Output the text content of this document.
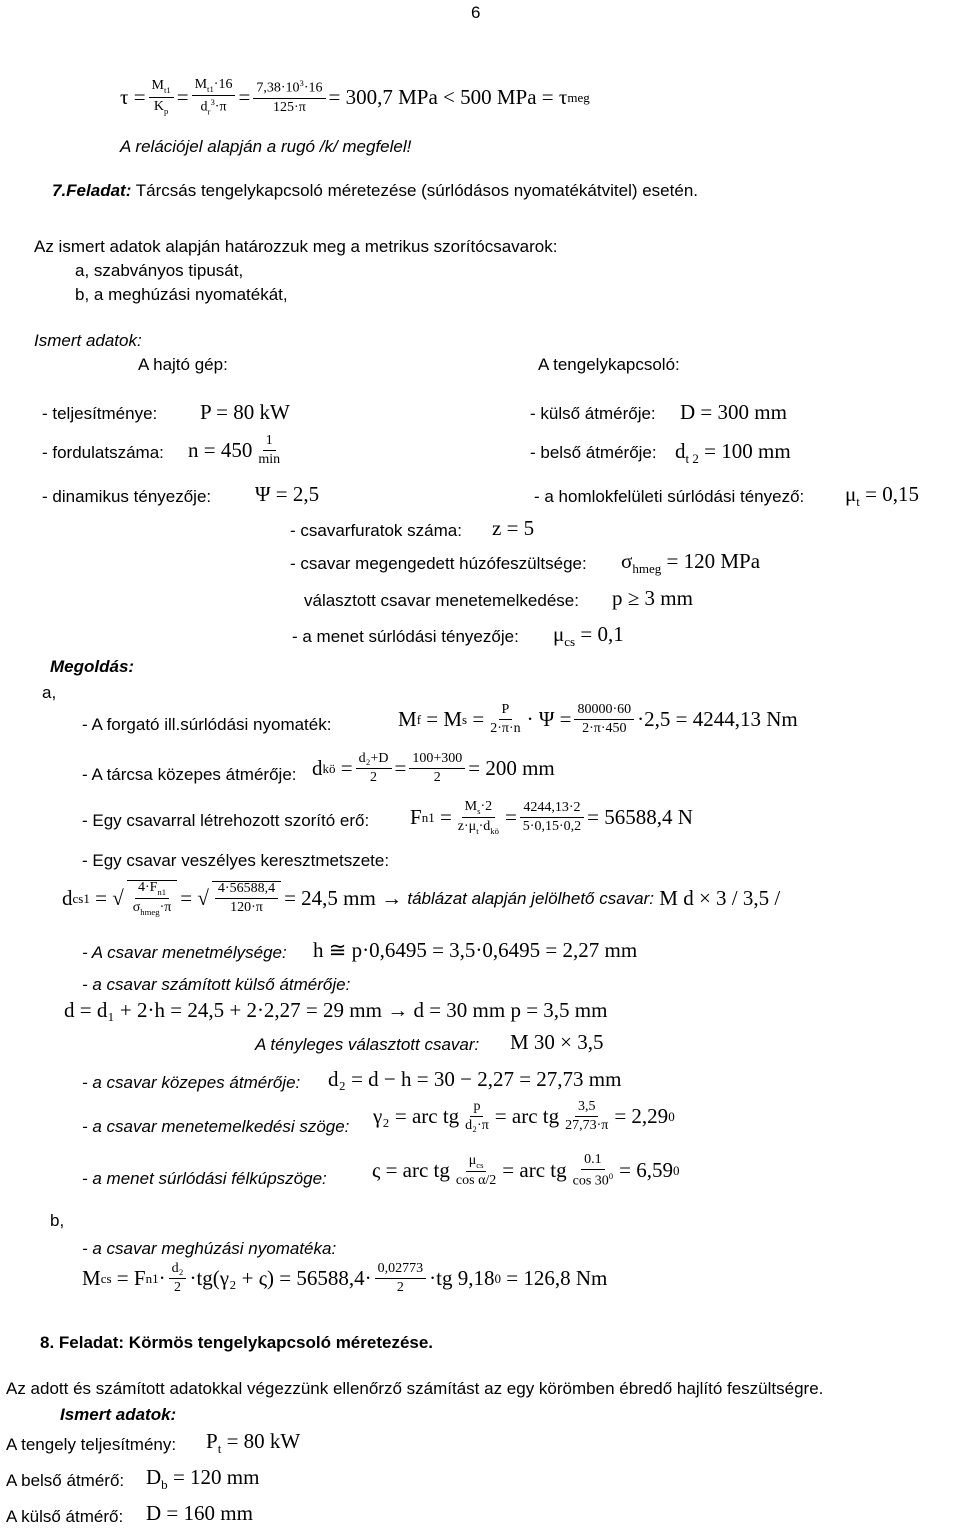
6
$\tau = \frac{M_{t1}}{K_p} = \frac{M_{t1}\cdot 16}{d_r^3\cdot\pi} = \frac{7,38\cdot 10^3\cdot 16}{125\cdot\pi} = 300,7$ MPa < 500 MPa = τ meg
A relációjel alapján a rugó /k/ megfelel!
7.Feladat: Tárcsás tengelykapcsoló méretezése (súrlódásos nyomatékátvitel) esetén.
Az ismert adatok alapján határozzuk meg a metrikus szorítócsavarok:
a, szabványos tipusát,
b, a meghúzási nyomatékát,
Ismert adatok:
A hajtó gép:	A tengelykapcsoló:
- teljesítménye: P = 80 kW
- fordulatszáma: n = 450 1
min
- dinamikus tényezője: Ψ = 2,5
- külső átmérője: D = 300 mm
- belső átmérője: $d_{t 2} = 100$ mm
- a homlokfelületi súrlódási tényező: $\mu_t = 0,15$
- csavarfuratok száma: z = 5
- csavar megengedett húzófeszültsége: $\sigma_{hmeg} = 120$ MPa
választott csavar menetemelkedése: p ≥ 3 mm
- a menet súrlódási tényezője: $\mu_{cs} = 0,1$
Megoldás:
a,
- A forgató ill.súrlódási nyomaték:	M f
= M s
= $\frac{P}{2\cdot\pi\cdot n} \cdot \Psi = \frac{80000\cdot 60}{2\cdot\pi\cdot 450} \cdot 2,5 = 4244,13$ Nm
- A tárcsa közepes átmérője: d kö
= $\frac{\text{d₂+D}}{2} = \frac{100+300}{2} = 200$ mm
- Egy csavarral létrehozott szorító erő: F n1
= $M_s\cdot 2$
$z\cdot\mu_t\cdot d_{kö}$
= $\frac{4244,13\cdot 2}{5\cdot 0,15\cdot 0,2} = 56588,4$ N
- Egy csavar veszélyes keresztmetszete:
d cs1
= √ $4\cdot F_{n1}$
$\sigma_{hmeg}\cdot\pi$ = √ $\frac{4\cdot 56588,4}{120\cdot\pi} = 24,5$ mm →
táblázat alapján jelölhető csavar:
M d × 3 / 3,5 /
- A csavar menetmélysége: h ≅ p·0,6495 = 3,5·0,6495 = 2,27 mm
- a csavar számított külső átmérője:
d = d₁ + 2·h = 24,5 + 2·2,27 = 29 mm → d = 30 mm p = 3,5 mm
A tényleges választott csavar: M 30 × 3,5
- a csavar közepes átmérője: d₂ = d − h = 30 − 2,27 = 27,73 mm
- a csavar menetemelkedési szöge: γ₂ = arc tg $\frac{p}{\text{d₂·π}}$ = arc tg $\frac{3,5}{27,73\cdot\pi} = 2,29$ 0
- a menet súrlódási félkúpszöge: ς = arc tg $\mu_{cs}$
cos α/2 = arc tg $\frac{0.1}{\cos 30^0} = 6,59$ 0
b,
- a csavar meghúzási nyomatéka:
M cs
= F $n1 \cdot \frac{\text{d₂}}{2} \cdot tg(\gamma_2 + \varsigma) = 56588,4\cdot \frac{0,02773}{2} \cdot tg$ 9,18 0
= 126,8 Nm
8. Feladat: Körmös tengelykapcsoló méretezése.
Az adott és számított adatokkal végezzünk ellenőrző számítást az egy körömben ébredő hajlító feszültségre.
Ismert adatok:
A tengely teljesítmény: $P_t = 80$ kW
A belső átmérő: $D_b = 120$ mm
A külső átmérő: D = 160 mm
